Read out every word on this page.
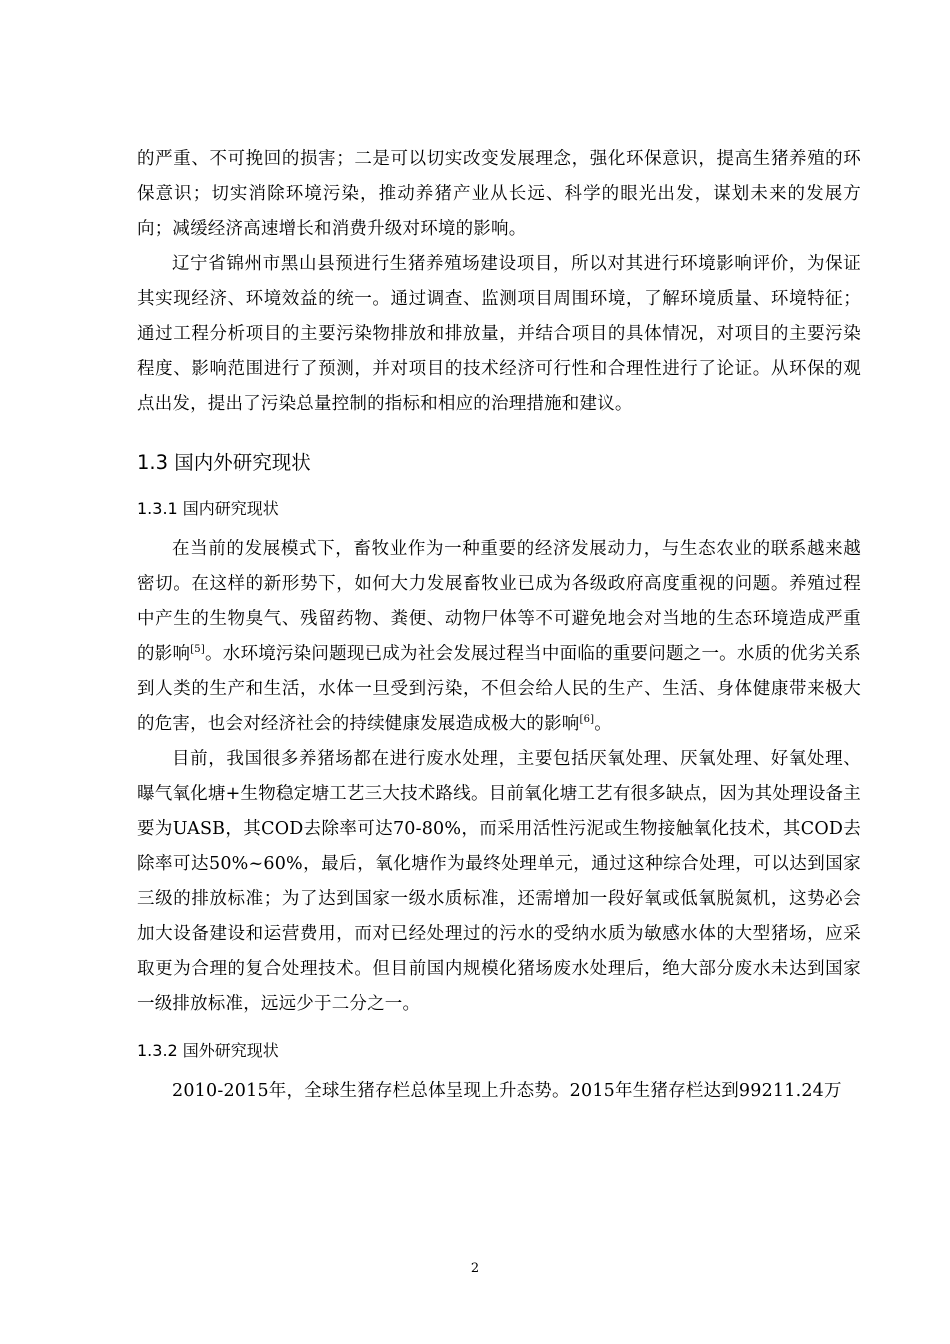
的严重、不可挽回的损害；二是可以切实改变发展理念，强化环保意识，提高生猪养殖的环保意识；切实消除环境污染，推动养猪产业从长远、科学的眼光出发，谋划未来的发展方向；减缓经济高速增长和消费升级对环境的影响。

辽宁省锦州市黑山县预进行生猪养殖场建设项目，所以对其进行环境影响评价，为保证其实现经济、环境效益的统一。通过调查、监测项目周围环境，了解环境质量、环境特征；通过工程分析项目的主要污染物排放和排放量，并结合项目的具体情况，对项目的主要污染程度、影响范围进行了预测，并对项目的技术经济可行性和合理性进行了论证。从环保的观点出发，提出了污染总量控制的指标和相应的治理措施和建议。

1.3 国内外研究现状
1.3.1 国内研究现状

在当前的发展模式下，畜牧业作为一种重要的经济发展动力，与生态农业的联系越来越密切。在这样的新形势下，如何大力发展畜牧业已成为各级政府高度重视的问题。养殖过程中产生的生物臭气、残留药物、粪便、动物尸体等不可避免地会对当地的生态环境造成严重的影响[5]。水环境污染问题现已成为社会发展过程当中面临的重要问题之一。水质的优劣关系到人类的生产和生活，水体一旦受到污染，不但会给人民的生产、生活、身体健康带来极大的危害，也会对经济社会的持续健康发展造成极大的影响[6]。

目前，我国很多养猪场都在进行废水处理，主要包括厌氧处理、厌氧处理、好氧处理、曝气氧化塘+生物稳定塘工艺三大技术路线。目前氧化塘工艺有很多缺点，因为其处理设备主要为UASB，其COD去除率可达70-80%，而采用活性污泥或生物接触氧化技术，其COD去除率可达50%~60%，最后，氧化塘作为最终处理单元，通过这种综合处理，可以达到国家三级的排放标准；为了达到国家一级水质标准，还需增加一段好氧或低氧脱氮机，这势必会加大设备建设和运营费用，而对已经处理过的污水的受纳水质为敏感水体的大型猪场，应采取更为合理的复合处理技术。但目前国内规模化猪场废水处理后，绝大部分废水未达到国家一级排放标准，远远少于二分之一。

1.3.2 国外研究现状

2010-2015年，全球生猪存栏总体呈现上升态势。2015年生猪存栏达到99211.24万

2
